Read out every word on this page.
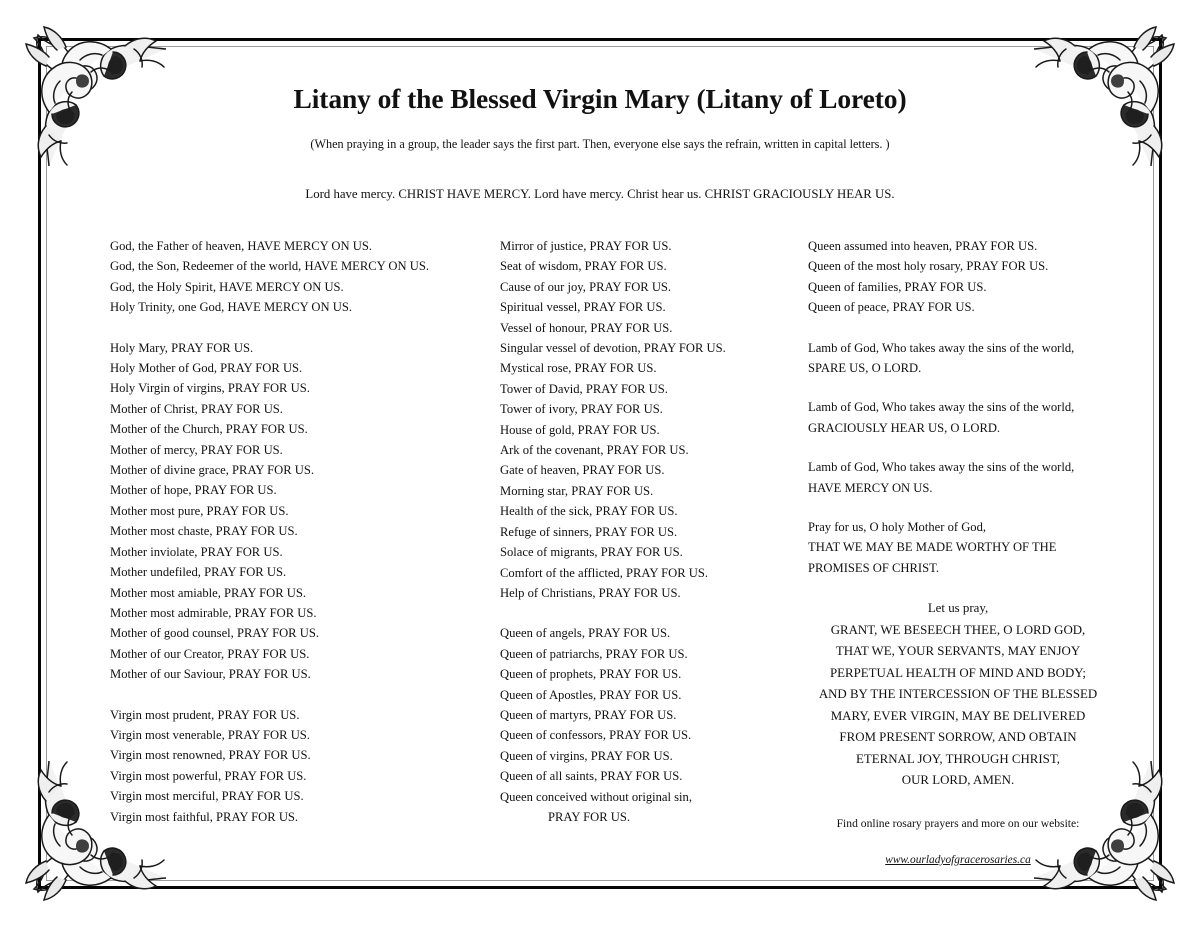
Litany of the Blessed Virgin Mary (Litany of Loreto)
(When praying in a group, the leader says the first part. Then, everyone else says the refrain, written in capital letters. )
Lord have mercy. CHRIST HAVE MERCY. Lord have mercy. Christ hear us. CHRIST GRACIOUSLY HEAR US.
God, the Father of heaven, HAVE MERCY ON US.
God, the Son, Redeemer of the world, HAVE MERCY ON US.
God, the Holy Spirit, HAVE MERCY ON US.
Holy Trinity, one God, HAVE MERCY ON US.
Holy Mary, PRAY FOR US.
Holy Mother of God, PRAY FOR US.
Holy Virgin of virgins, PRAY FOR US.
Mother of Christ, PRAY FOR US.
Mother of the Church, PRAY FOR US.
Mother of mercy, PRAY FOR US.
Mother of divine grace, PRAY FOR US.
Mother of hope, PRAY FOR US.
Mother most pure, PRAY FOR US.
Mother most chaste, PRAY FOR US.
Mother inviolate, PRAY FOR US.
Mother undefiled, PRAY FOR US.
Mother most amiable, PRAY FOR US.
Mother most admirable, PRAY FOR US.
Mother of good counsel, PRAY FOR US.
Mother of our Creator, PRAY FOR US.
Mother of our Saviour, PRAY FOR US.
Virgin most prudent, PRAY FOR US.
Virgin most venerable, PRAY FOR US.
Virgin most renowned, PRAY FOR US.
Virgin most powerful, PRAY FOR US.
Virgin most merciful, PRAY FOR US.
Virgin most faithful, PRAY FOR US.
Mirror of justice, PRAY FOR US.
Seat of wisdom, PRAY FOR US.
Cause of our joy, PRAY FOR US.
Spiritual vessel, PRAY FOR US.
Vessel of honour, PRAY FOR US.
Singular vessel of devotion, PRAY FOR US.
Mystical rose, PRAY FOR US.
Tower of David, PRAY FOR US.
Tower of ivory, PRAY FOR US.
House of gold, PRAY FOR US.
Ark of the covenant, PRAY FOR US.
Gate of heaven, PRAY FOR US.
Morning star, PRAY FOR US.
Health of the sick, PRAY FOR US.
Refuge of sinners, PRAY FOR US.
Solace of migrants, PRAY FOR US.
Comfort of the afflicted, PRAY FOR US.
Help of Christians, PRAY FOR US.
Queen of angels, PRAY FOR US.
Queen of patriarchs, PRAY FOR US.
Queen of prophets, PRAY FOR US.
Queen of Apostles, PRAY FOR US.
Queen of martyrs, PRAY FOR US.
Queen of confessors, PRAY FOR US.
Queen of virgins, PRAY FOR US.
Queen of all saints, PRAY FOR US.
Queen conceived without original sin,
PRAY FOR US.
Queen assumed into heaven, PRAY FOR US.
Queen of the most holy rosary, PRAY FOR US.
Queen of families, PRAY FOR US.
Queen of peace, PRAY FOR US.
Lamb of God, Who takes away the sins of the world,
SPARE US, O LORD.
Lamb of God, Who takes away the sins of the world,
GRACIOUSLY HEAR US, O LORD.
Lamb of God, Who takes away the sins of the world,
HAVE MERCY ON US.
Pray for us, O holy Mother of God,
THAT WE MAY BE MADE WORTHY OF THE
PROMISES OF CHRIST.
Let us pray,
GRANT, WE BESEECH THEE, O LORD GOD,
THAT WE, YOUR SERVANTS, MAY ENJOY
PERPETUAL HEALTH OF MIND AND BODY;
AND BY THE INTERCESSION OF THE BLESSED
MARY, EVER VIRGIN, MAY BE DELIVERED
FROM PRESENT SORROW, AND OBTAIN
ETERNAL JOY, THROUGH CHRIST,
OUR LORD, AMEN.
Find online rosary prayers and more on our website:
www.ourladyofgracerosaries.ca
